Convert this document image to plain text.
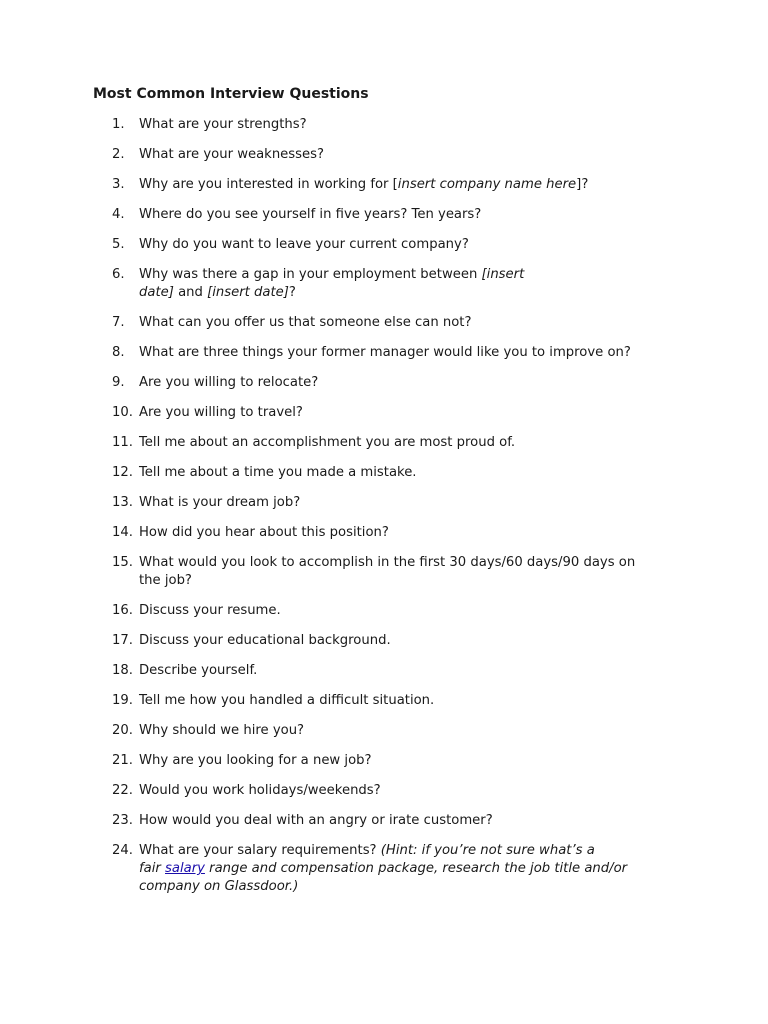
Most Common Interview Questions
1. What are your strengths?
2. What are your weaknesses?
3. Why are you interested in working for [insert company name here]?
4. Where do you see yourself in five years? Ten years?
5. Why do you want to leave your current company?
6. Why was there a gap in your employment between [insert
date] and [insert date]?
7. What can you offer us that someone else can not?
8. What are three things your former manager would like you to improve on?
9. Are you willing to relocate?
10. Are you willing to travel?
11. Tell me about an accomplishment you are most proud of.
12. Tell me about a time you made a mistake.
13. What is your dream job?
14. How did you hear about this position?
15. What would you look to accomplish in the first 30 days/60 days/90 days on
the job?
16. Discuss your resume.
17. Discuss your educational background.
18. Describe yourself.
19. Tell me how you handled a difficult situation.
20. Why should we hire you?
21. Why are you looking for a new job?
22. Would you work holidays/weekends?
23. How would you deal with an angry or irate customer?
24. What are your salary requirements? (Hint: if you’re not sure what’s a
fair salary range and compensation package, research the job title and/or
company on Glassdoor.)
